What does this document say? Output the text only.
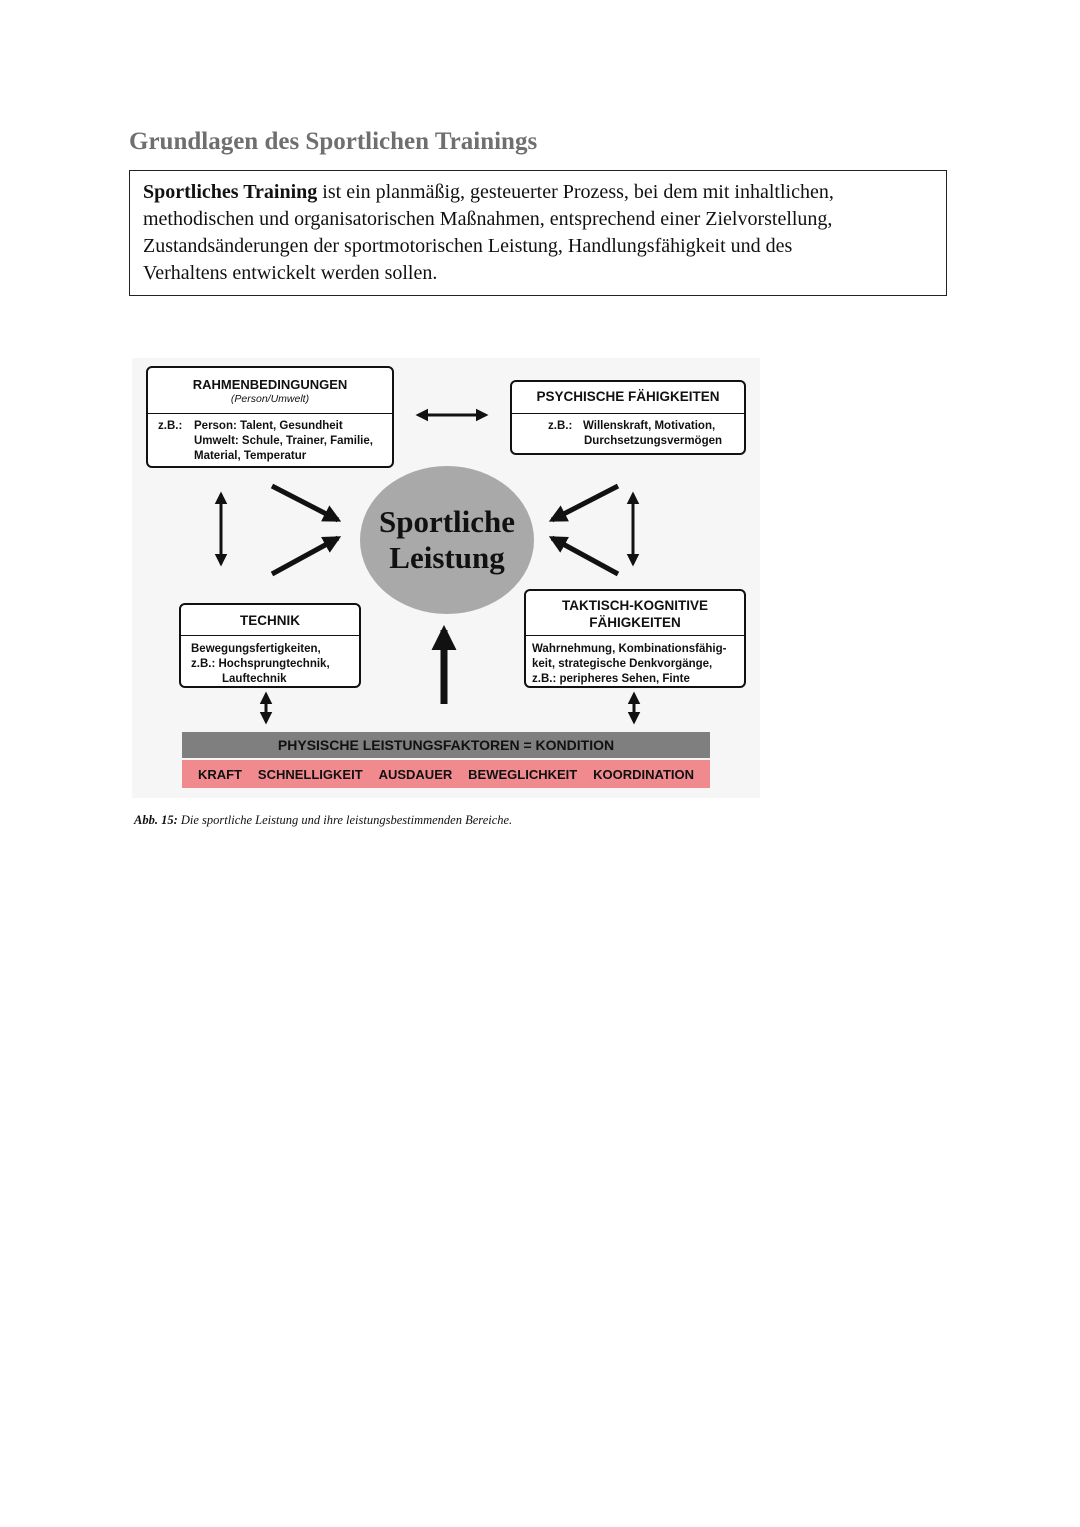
Grundlagen des Sportlichen Trainings
Sportliches Training ist ein planmäßig, gesteuerter Prozess, bei dem mit inhaltlichen,
methodischen und organisatorischen Maßnahmen, entsprechend einer Zielvorstellung,
Zustandsänderungen der sportmotorischen Leistung, Handlungsfähigkeit und des
Verhaltens entwickelt werden sollen.
RAHMENBEDINGUNGEN
(Person/Umwelt)
z.B.: Person: Talent, Gesundheit
Umwelt: Schule, Trainer, Familie,
Material, Temperatur
PSYCHISCHE FÄHIGKEITEN
z.B.: Willenskraft, Motivation,
Durchsetzungsvermögen
Sportliche
Leistung
TECHNIK
Bewegungsfertigkeiten,
z.B.: Hochsprungtechnik,
Lauftechnik
TAKTISCH-KOGNITIVE
FÄHIGKEITEN
Wahrnehmung, Kombinationsfähig-
keit, strategische Denkvorgänge,
z.B.: peripheres Sehen, Finte
PHYSISCHE LEISTUNGSFAKTOREN = KONDITION
KRAFT SCHNELLIGKEIT AUSDAUER BEWEGLICHKEIT KOORDINATION
Abb. 15: Die sportliche Leistung und ihre leistungsbestimmenden Bereiche.
